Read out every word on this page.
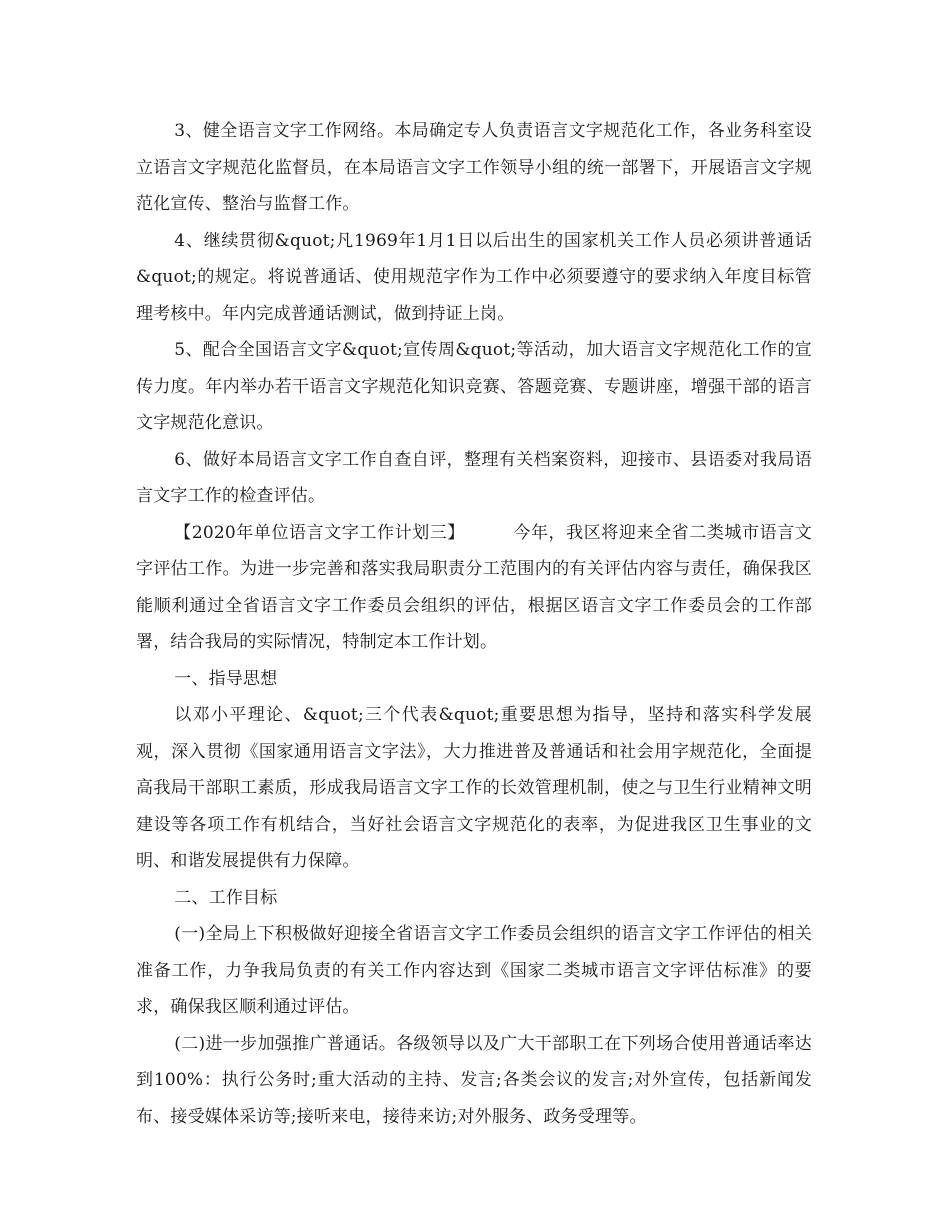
3、健全语言文字工作网络。本局确定专人负责语言文字规范化工作，各业务科室设立语言文字规范化监督员，在本局语言文字工作领导小组的统一部署下，开展语言文字规范化宣传、整治与监督工作。

4、继续贯彻&quot;凡1969年1月1日以后出生的国家机关工作人员必须讲普通话&quot;的规定。将说普通话、使用规范字作为工作中必须要遵守的要求纳入年度目标管理考核中。年内完成普通话测试，做到持证上岗。

5、配合全国语言文字&quot;宣传周&quot;等活动，加大语言文字规范化工作的宣传力度。年内举办若干语言文字规范化知识竞赛、答题竞赛、专题讲座，增强干部的语言文字规范化意识。

6、做好本局语言文字工作自查自评，整理有关档案资料，迎接市、县语委对我局语言文字工作的检查评估。

【2020年单位语言文字工作计划三】	今年，我区将迎来全省二类城市语言文字评估工作。为进一步完善和落实我局职责分工范围内的有关评估内容与责任，确保我区能顺利通过全省语言文字工作委员会组织的评估，根据区语言文字工作委员会的工作部署，结合我局的实际情况，特制定本工作计划。

一、指导思想

以邓小平理论、&quot;三个代表&quot;重要思想为指导，坚持和落实科学发展观，深入贯彻《国家通用语言文字法》，大力推进普及普通话和社会用字规范化，全面提高我局干部职工素质，形成我局语言文字工作的长效管理机制，使之与卫生行业精神文明建设等各项工作有机结合，当好社会语言文字规范化的表率，为促进我区卫生事业的文明、和谐发展提供有力保障。

二、工作目标

(一)全局上下积极做好迎接全省语言文字工作委员会组织的语言文字工作评估的相关准备工作，力争我局负责的有关工作内容达到《国家二类城市语言文字评估标准》的要求，确保我区顺利通过评估。

(二)进一步加强推广普通话。各级领导以及广大干部职工在下列场合使用普通话率达到100%：执行公务时;重大活动的主持、发言;各类会议的发言;对外宣传，包括新闻发布、接受媒体采访等;接听来电，接待来访;对外服务、政务受理等。
